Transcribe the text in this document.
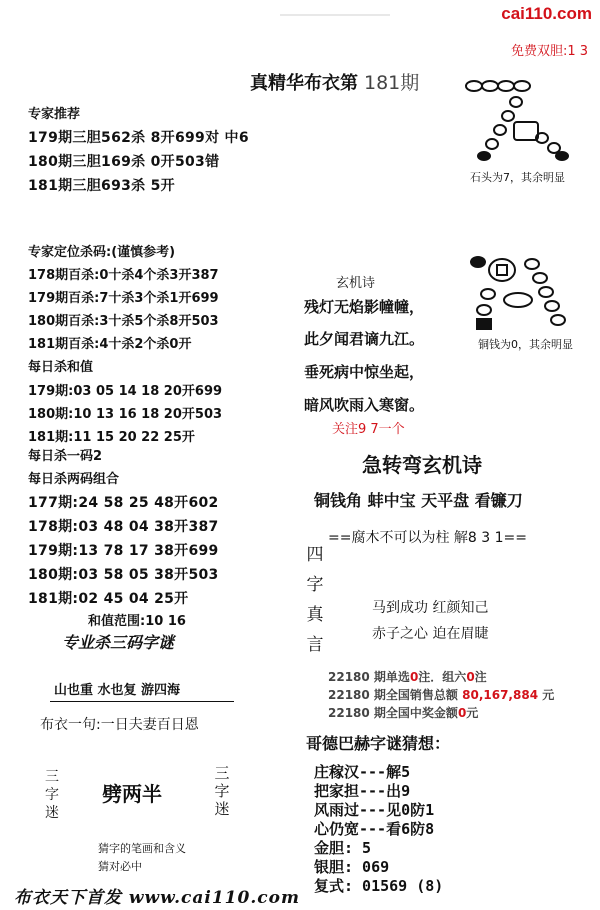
cai110.com
免费双胆:1 3
真精华布衣第 181期
专家推荐
179期三胆562杀 8开699对 中6
180期三胆169杀 0开503错
181期三胆693杀 5开
石头为7，其余明显
专家定位杀码:(谨慎参考)
178期百杀:0十杀4个杀3开387
179期百杀:7十杀3个杀1开699
180期百杀:3十杀5个杀8开503
181期百杀:4十杀2个杀0开
每日杀和值
179期:03 05 14 18 20开699
180期:10 13 16 18 20开503
181期:11 15 20 22 25开
每日杀一码2
每日杀两码组合
177期:24 58 25 48开602
178期:03 48 04 38开387
179期:13 78 17 38开699
180期:03 58 05 38开503
181期:02 45 04 25开
和值范围:10 16
专业杀三码字谜
山也重 水也复 游四海
布衣一句:一日夫妻百日恩
三字迷
劈两半
三字迷
猜字的笔画和含义
猜对必中
铜钱为0，其余明显
玄机诗
残灯无焰影幢幢，
此夕闻君谪九江。
垂死病中惊坐起，
暗风吹雨入寒窗。
关注9 7一个
急转弯玄机诗
铜钱角 蚌中宝 天平盘 看镰刀
==腐木不可以为柱 解8 3 1==
四字真言
马到成功 红颜知己
赤子之心 迫在眉睫
22180 期单选0注．组六0注
22180 期全国销售总额 80,167,884 元
22180 期全国中奖金额0元
哥德巴赫字谜猜想：
庄稼汉---解5
把家担---出9
风雨过---见0防1
心仍宽---看6防8
金胆: 5
银胆: 069
复式: 01569 (8)
布衣天下首发 www.cai110.com
